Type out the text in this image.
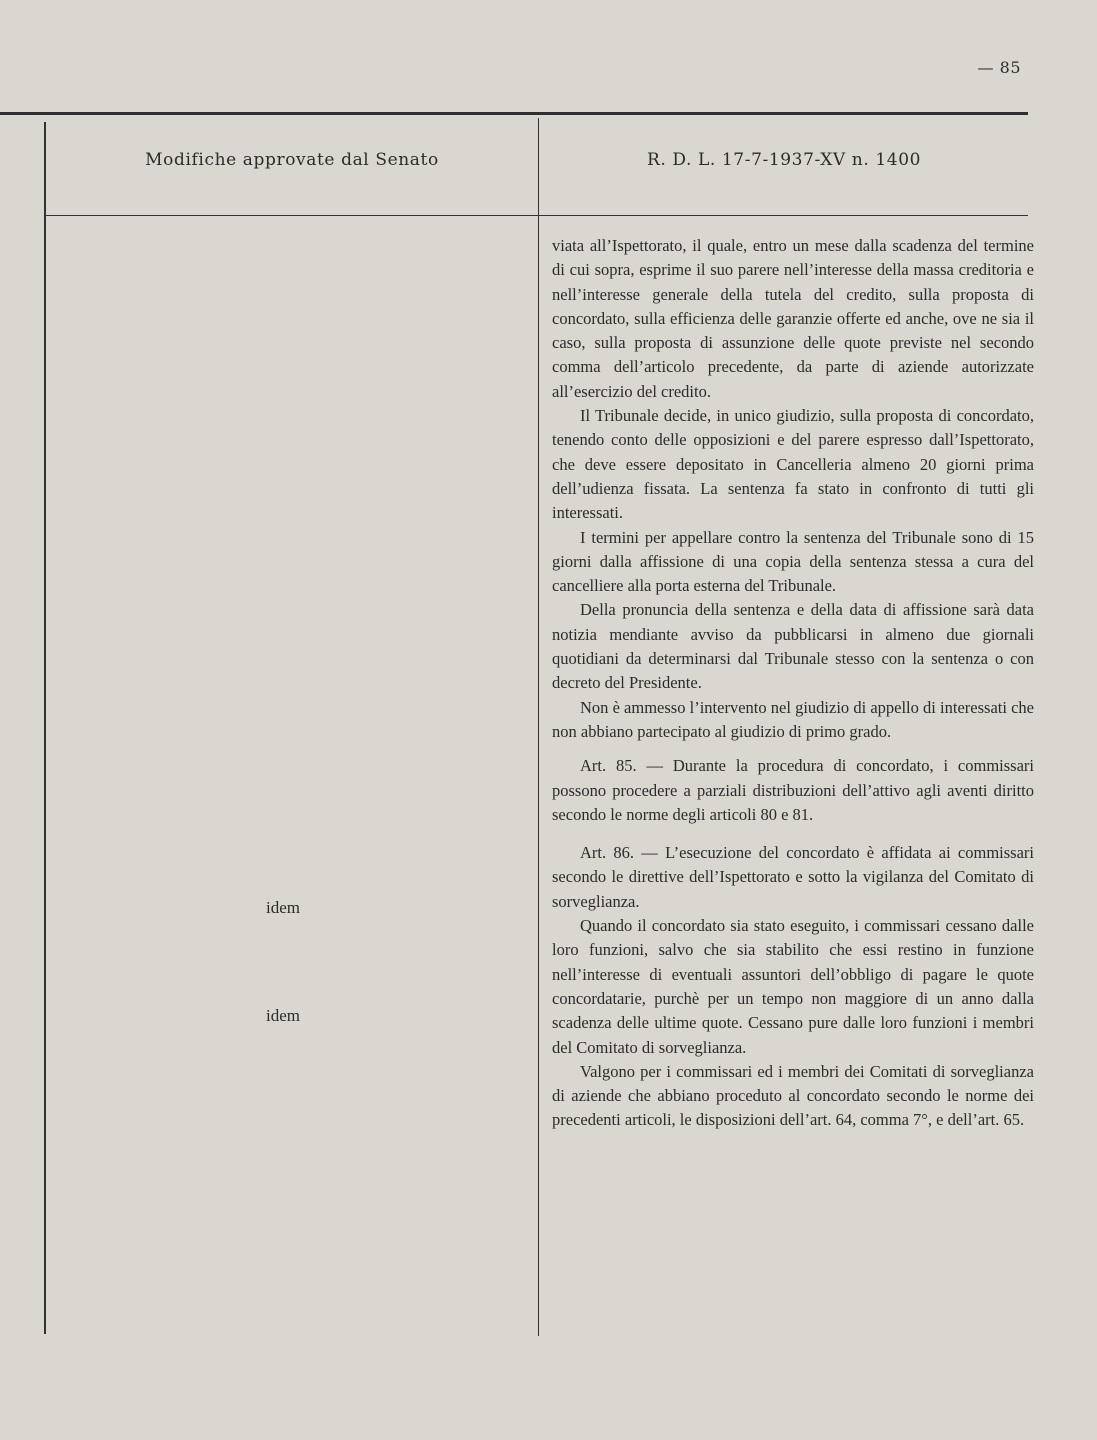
— 85
Modifiche approvate dal Senato	R. D. L. 17-7-1937-XV n. 1400
idem
idem

viata all’Ispettorato, il quale, entro un mese dalla scadenza del termine di cui sopra, esprime il suo parere nell’interesse della massa creditoria e nell’interesse generale della tutela del credito, sulla proposta di concordato, sulla efficienza delle garanzie offerte ed anche, ove ne sia il caso, sulla proposta di assunzione delle quote previste nel secondo comma dell’articolo precedente, da parte di aziende autorizzate all’esercizio del credito.

Il Tribunale decide, in unico giudizio, sulla proposta di concordato, tenendo conto delle opposizioni e del parere espresso dall’Ispettorato, che deve essere depositato in Cancelleria almeno 20 giorni prima dell’udienza fissata. La sentenza fa stato in confronto di tutti gli interessati.

I termini per appellare contro la sentenza del Tribunale sono di 15 giorni dalla affissione di una copia della sentenza stessa a cura del cancelliere alla porta esterna del Tribunale.

Della pronuncia della sentenza e della data di affissione sarà data notizia mendiante avviso da pubblicarsi in almeno due giornali quotidiani da determinarsi dal Tribunale stesso con la sentenza o con decreto del Presidente.

Non è ammesso l’intervento nel giudizio di appello di interessati che non abbiano partecipato al giudizio di primo grado.

Art. 85. — Durante la procedura di concordato, i commissari possono procedere a parziali distribuzioni dell’attivo agli aventi diritto secondo le norme degli articoli 80 e 81.

Art. 86. — L’esecuzione del concordato è affidata ai commissari secondo le direttive dell’Ispettorato e sotto la vigilanza del Comitato di sorveglianza.

Quando il concordato sia stato eseguito, i commissari cessano dalle loro funzioni, salvo che sia stabilito che essi restino in funzione nell’interesse di eventuali assuntori dell’obbligo di pagare le quote concordatarie, purchè per un tempo non maggiore di un anno dalla scadenza delle ultime quote. Cessano pure dalle loro funzioni i membri del Comitato di sorveglianza.

Valgono per i commissari ed i membri dei Comitati di sorveglianza di aziende che abbiano proceduto al concordato secondo le norme dei precedenti articoli, le disposizioni dell’art. 64, comma 7°, e dell’art. 65.
